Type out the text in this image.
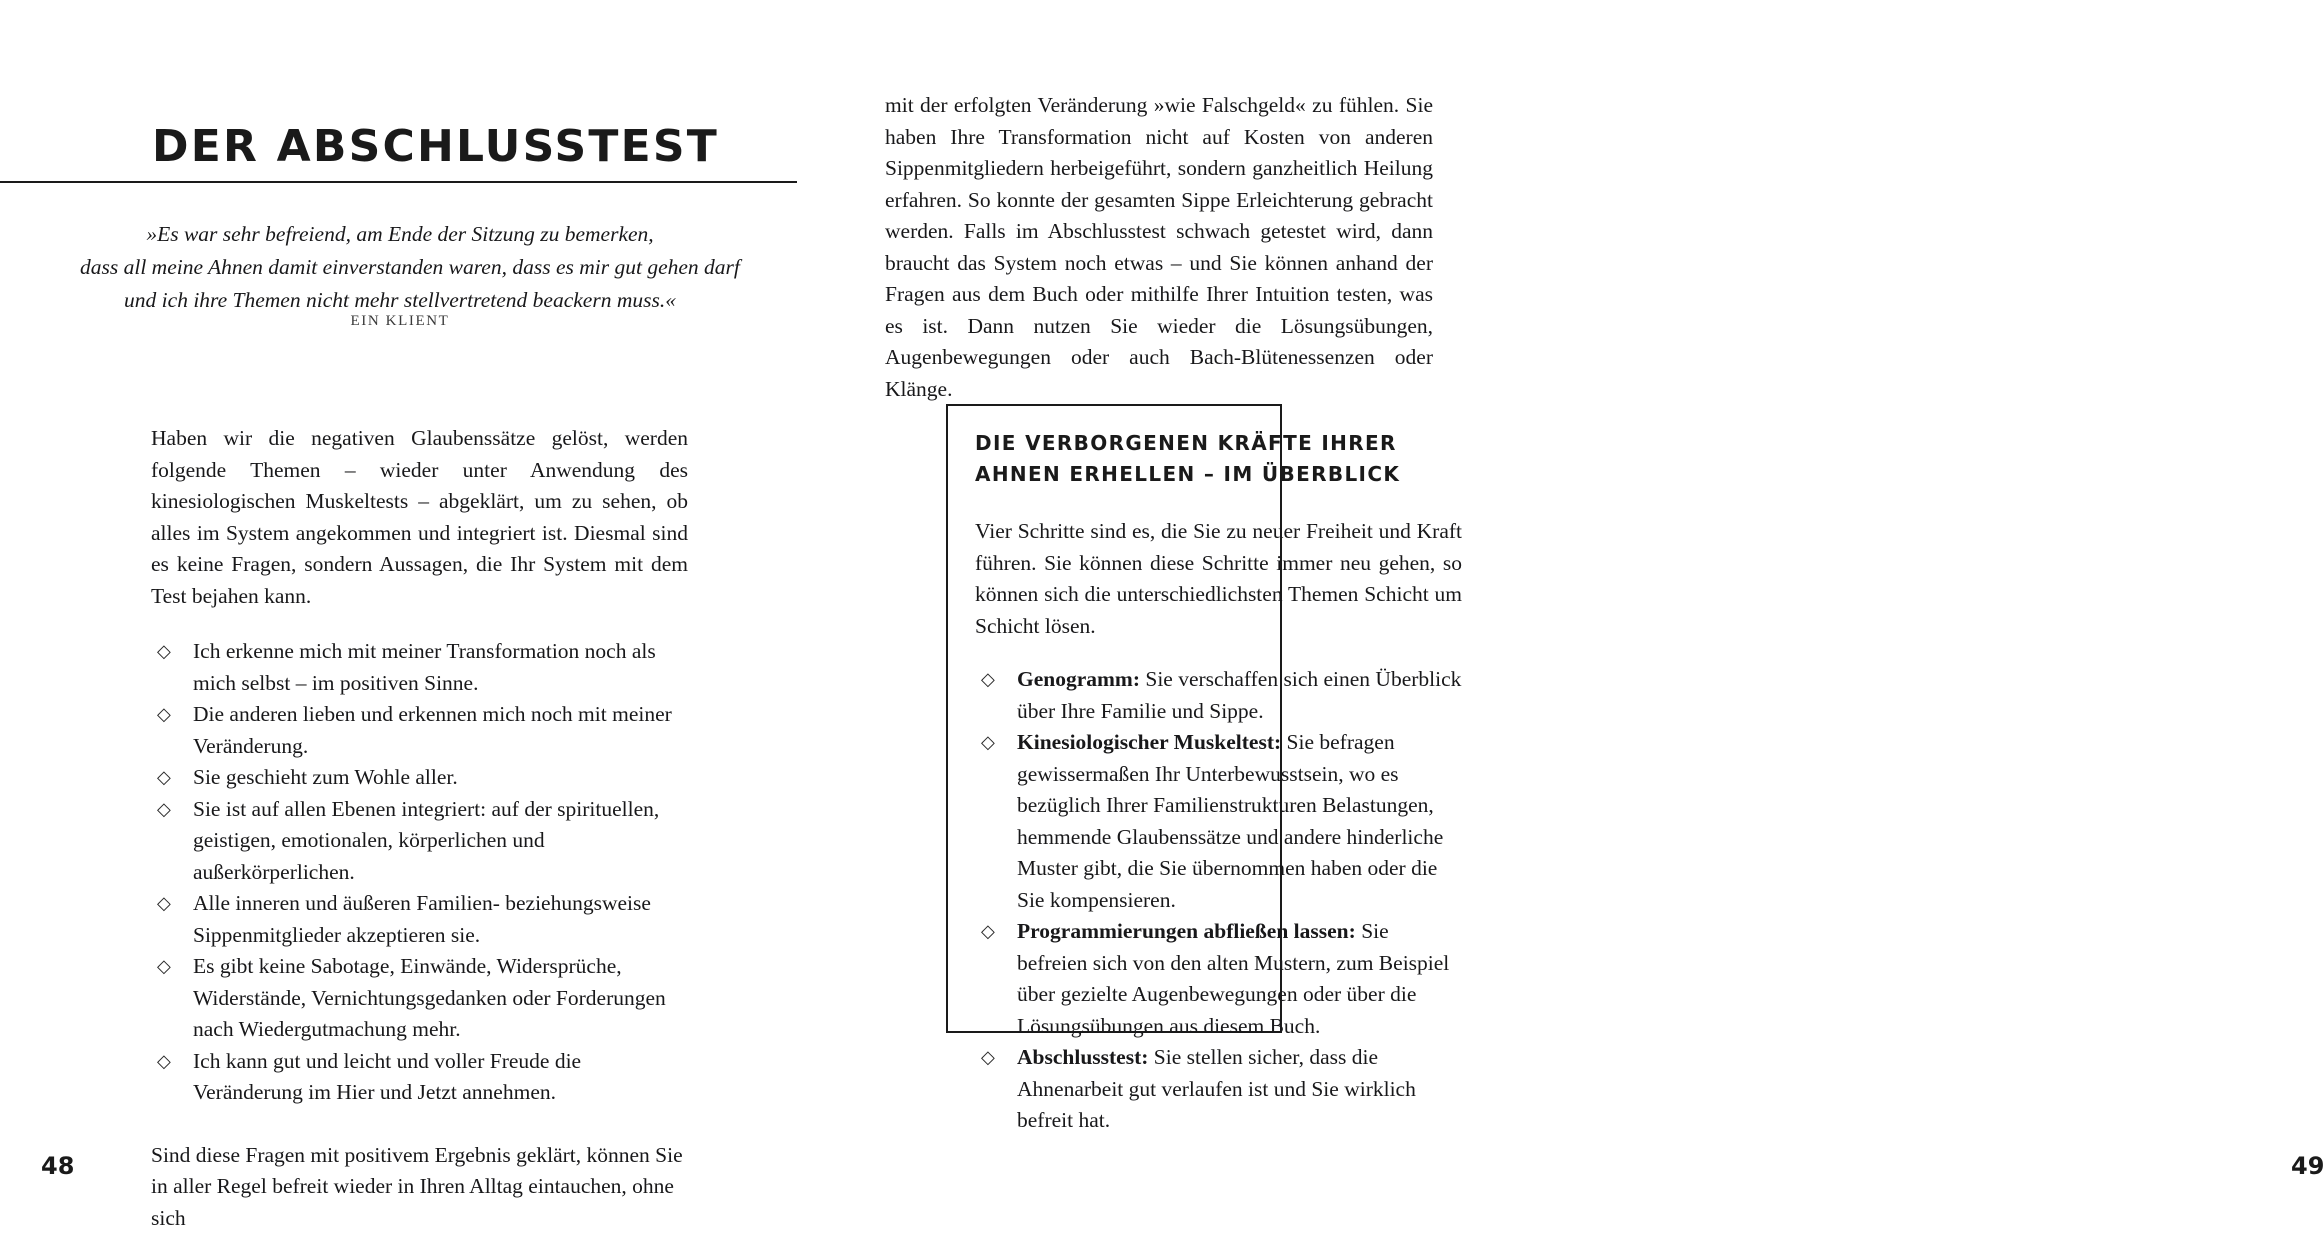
DER ABSCHLUSSTEST
»Es war sehr befreiend, am Ende der Sitzung zu bemerken,
dass all meine Ahnen damit einverstanden waren, dass es mir gut gehen darf
und ich ihre Themen nicht mehr stellvertretend beackern muss.«
EIN KLIENT

Haben wir die negativen Glaubenssätze gelöst, werden folgende Themen – wieder unter Anwendung des kinesiologischen Muskeltests – abgeklärt, um zu sehen, ob alles im System angekommen und integriert ist. Diesmal sind es keine Fragen, sondern Aussagen, die Ihr System mit dem Test bejahen kann.

◇ Ich erkenne mich mit meiner Transformation noch als mich selbst – im positiven Sinne.
◇ Die anderen lieben und erkennen mich noch mit meiner Veränderung.
◇ Sie geschieht zum Wohle aller.
◇ Sie ist auf allen Ebenen integriert: auf der spirituellen, geistigen, emotionalen, körperlichen und außerkörperlichen.
◇ Alle inneren und äußeren Familien- beziehungsweise Sippenmitglieder akzeptieren sie.
◇ Es gibt keine Sabotage, Einwände, Widersprüche, Widerstände, Vernichtungsgedanken oder Forderungen nach Wiedergutmachung mehr.
◇ Ich kann gut und leicht und voller Freude die Veränderung im Hier und Jetzt annehmen.

Sind diese Fragen mit positivem Ergebnis geklärt, können Sie in aller Regel befreit wieder in Ihren Alltag eintauchen, ohne sich

48

mit der erfolgten Veränderung »wie Falschgeld« zu fühlen. Sie haben Ihre Transformation nicht auf Kosten von anderen Sippenmitgliedern herbeigeführt, sondern ganzheitlich Heilung erfahren. So konnte der gesamten Sippe Erleichterung gebracht werden. Falls im Abschlusstest schwach getestet wird, dann braucht das System noch etwas – und Sie können anhand der Fragen aus dem Buch oder mithilfe Ihrer Intuition testen, was es ist. Dann nutzen Sie wieder die Lösungsübungen, Augenbewegungen oder auch Bach-Blütenessenzen oder Klänge.

DIE VERBORGENEN KRÄFTE IHRER AHNEN ERHELLEN – IM ÜBERBLICK

Vier Schritte sind es, die Sie zu neuer Freiheit und Kraft führen. Sie können diese Schritte immer neu gehen, so können sich die unterschiedlichsten Themen Schicht um Schicht lösen.

◇ Genogramm: Sie verschaffen sich einen Überblick über Ihre Familie und Sippe.
◇ Kinesiologischer Muskeltest: Sie befragen gewissermaßen Ihr Unterbewusstsein, wo es bezüglich Ihrer Familienstrukturen Belastungen, hemmende Glaubenssätze und andere hinderliche Muster gibt, die Sie übernommen haben oder die Sie kompensieren.
◇ Programmierungen abfließen lassen: Sie befreien sich von den alten Mustern, zum Beispiel über gezielte Augenbewegungen oder über die Lösungsübungen aus diesem Buch.
◇ Abschlusstest: Sie stellen sicher, dass die Ahnenarbeit gut verlaufen ist und Sie wirklich befreit hat.
49
